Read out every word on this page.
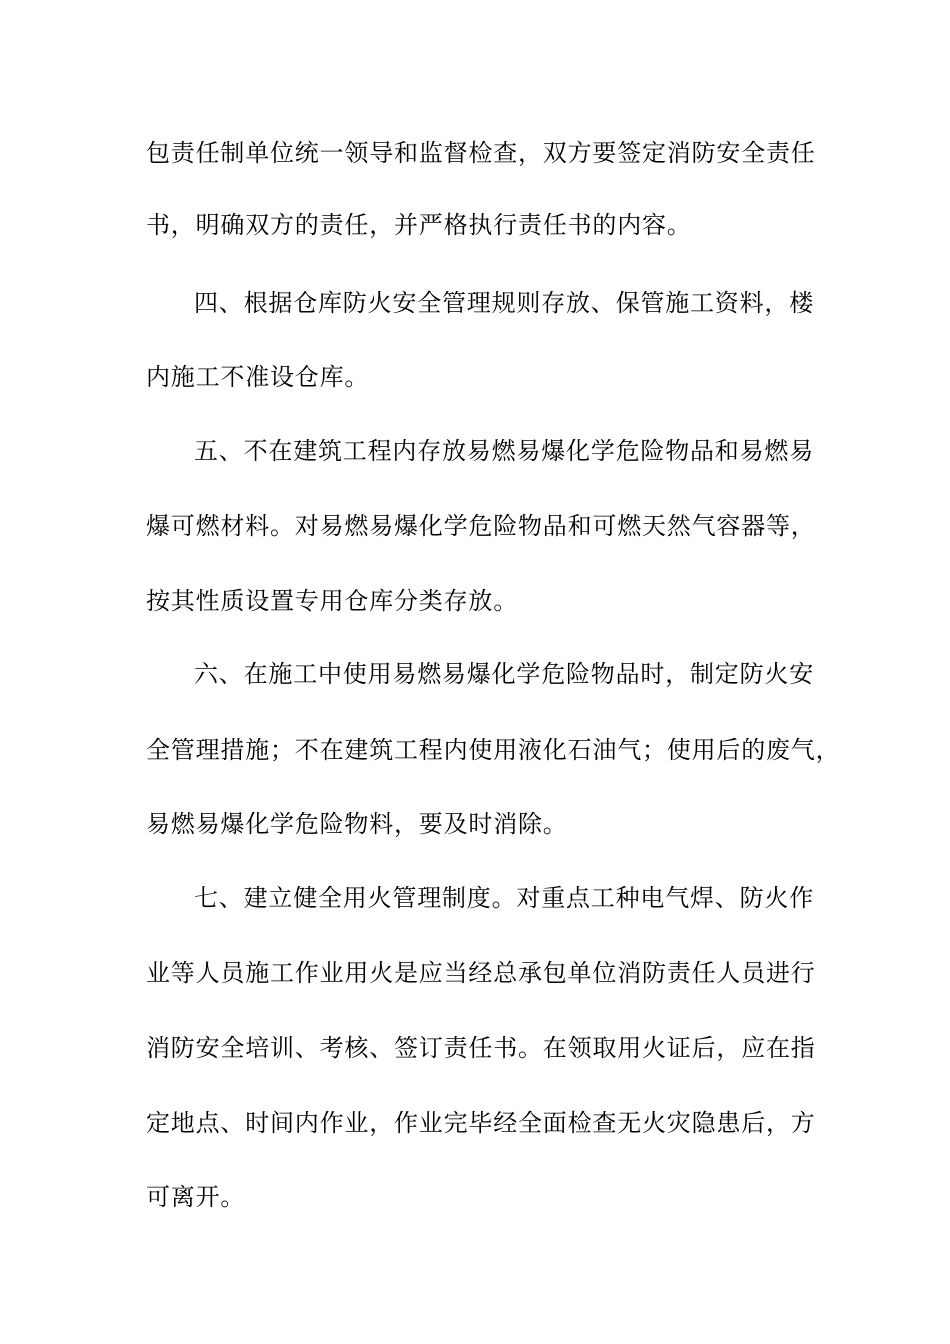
包责任制单位统一领导和监督检查，双方要签定消防安全责任
书，明确双方的责任，并严格执行责任书的内容。
四、根据仓库防火安全管理规则存放、保管施工资料，楼
内施工不准设仓库。
五、不在建筑工程内存放易燃易爆化学危险物品和易燃易
爆可燃材料。对易燃易爆化学危险物品和可燃天然气容器等，
按其性质设置专用仓库分类存放。
六、在施工中使用易燃易爆化学危险物品时，制定防火安
全管理措施；不在建筑工程内使用液化石油气；使用后的废气，
易燃易爆化学危险物料，要及时消除。
七、建立健全用火管理制度。对重点工种电气焊、防火作
业等人员施工作业用火是应当经总承包单位消防责任人员进行
消防安全培训、考核、签订责任书。在领取用火证后，应在指
定地点、时间内作业，作业完毕经全面检查无火灾隐患后，方
可离开。
